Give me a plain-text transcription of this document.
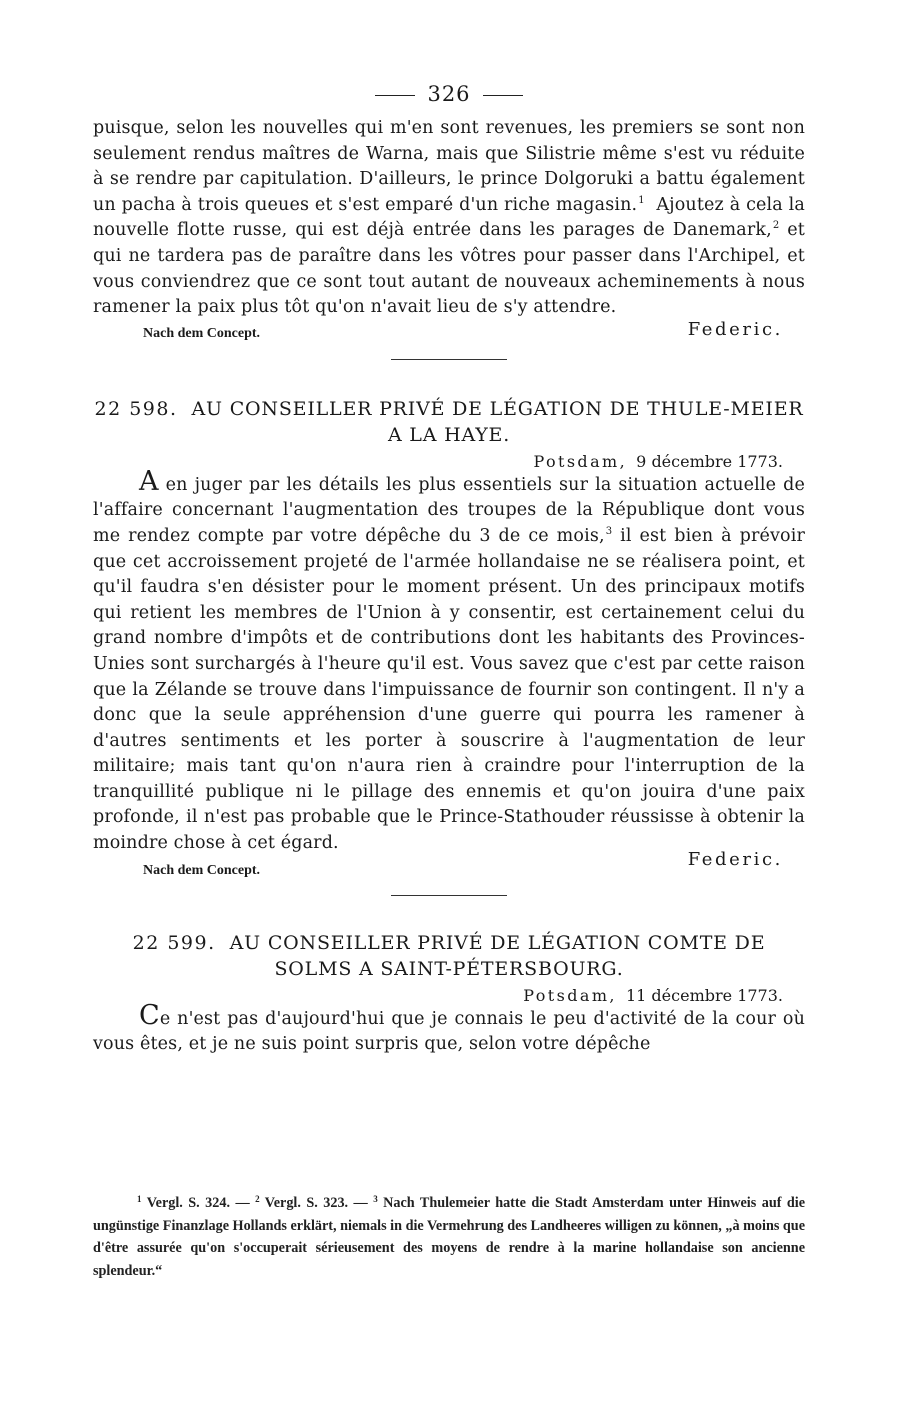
326

puisque, selon les nouvelles qui m'en sont revenues, les premiers se sont non seulement rendus maîtres de Warna, mais que Silistrie même s'est vu réduite à se rendre par capitulation. D'ailleurs, le prince Dolgoruki a battu également un pacha à trois queues et s'est emparé d'un riche magasin.$^1$ Ajoutez à cela la nouvelle flotte russe, qui est déjà entrée dans les parages de Danemark,$^2$ et qui ne tardera pas de paraître dans les vôtres pour passer dans l'Archipel, et vous conviendrez que ce sont tout autant de nouveaux acheminements à nous ramener la paix plus tôt qu'on n'avait lieu de s'y attendre.

Nach dem Concept.	Federic.
22 598. AU CONSEILLER PRIVÉ DE LÉGATION DE THULE-MEIER A LA HAYE.
Potsdam, 9 décembre 1773.

A en juger par les détails les plus essentiels sur la situation actuelle de l'affaire concernant l'augmentation des troupes de la République dont vous me rendez compte par votre dépêche du 3 de ce mois,$^3$ il est bien à prévoir que cet accroissement projeté de l'armée hollandaise ne se réalisera point, et qu'il faudra s'en désister pour le moment présent. Un des principaux motifs qui retient les membres de l'Union à y consentir, est certainement celui du grand nombre d'impôts et de contributions dont les habitants des Provinces-Unies sont surchargés à l'heure qu'il est. Vous savez que c'est par cette raison que la Zélande se trouve dans l'impuissance de fournir son contingent. Il n'y a donc que la seule appréhension d'une guerre qui pourra les ramener à d'autres sentiments et les porter à souscrire à l'augmentation de leur militaire; mais tant qu'on n'aura rien à craindre pour l'interruption de la tranquillité publique ni le pillage des ennemis et qu'on jouira d'une paix profonde, il n'est pas probable que le Prince-Stathouder réussisse à obtenir la moindre chose à cet égard.

Nach dem Concept.
Federic.
22 599. AU CONSEILLER PRIVÉ DE LÉGATION COMTE DE SOLMS A SAINT-PÉTERSBOURG.
Potsdam, 11 décembre 1773.

Ce n'est pas d'aujourd'hui que je connais le peu d'activité de la cour où vous êtes, et je ne suis point surpris que, selon votre dépêche

$^1$ Vergl. S. 324. — $^2$ Vergl. S. 323. — $^3$ Nach Thulemeier hatte die Stadt Amsterdam unter Hinweis auf die ungünstige Finanzlage Hollands erklärt, niemals in die Vermehrung des Landheeres willigen zu können, „à moins que d'être assurée qu'on s'occuperait sérieusement des moyens de rendre à la marine hollandaise son ancienne splendeur.“
